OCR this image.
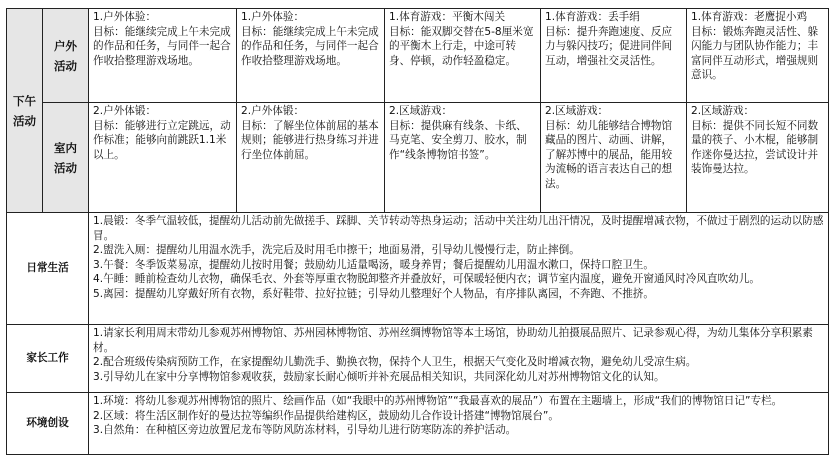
下午活动	户外活动	1.户外体验：
目标：能继续完成上午未完成的作品和任务，与同伴一起合作收拾整理游戏场地。	1.户外体验：
目标：能继续完成上午未完成的作品和任务，与同伴一起合作收拾整理游戏场地。	1.体育游戏：平衡木闯关
目标：能双脚交替在5-8厘米宽的平衡木上行走，中途可转身、停顿，动作轻盈稳定。	1.体育游戏：丢手绢
目标：提升奔跑速度、反应力与躲闪技巧；促进同伴间互动，增强社交灵活性。	1.体育游戏：老鹰捉小鸡
目标：锻炼奔跑灵活性、躲闪能力与团队协作能力；丰富同伴互动形式，增强规则意识。

	室内活动	2.户外体锻：
目标：能够进行立定跳远，动作标准；能够向前跳跃1.1米以上。	2.户外体锻：
目标：了解坐位体前屈的基本规则；能够进行热身练习并进行坐位体前屈。	2.区域游戏：
目标：提供麻有线条、卡纸、马克笔、安全剪刀、胶水，制作“线条博物馆书签”。	2.区域游戏：
目标：幼儿能够结合博物馆藏品的图片、动画、讲解，了解苏博中的展品，能用较为流畅的语言表达自己的想法。	2.区域游戏：
目标：提供不同长短不同数量的筷子、小木棍，能够制作迷你曼达拉，尝试设计并装饰曼达拉。

日常生活		1.晨锻：冬季气温较低，提醒幼儿活动前先做搓手、踩脚、关节转动等热身运动；活动中关注幼儿出汗情况，及时提醒增减衣物，不做过于剧烈的运动以防感冒。
2.盥洗入厕：提醒幼儿用温水洗手，洗完后及时用毛巾擦干；地面易滑，引导幼儿慢慢行走，防止摔倒。
3.午餐：冬季饭菜易凉，提醒幼儿按时用餐；鼓励幼儿适量喝汤，暖身养胃；餐后提醒幼儿用温水漱口，保持口腔卫生。
4.午睡：睡前检查幼儿衣物，确保毛衣、外套等厚重衣物脱卸整齐并叠放好，可保暖轻便内衣；调节室内温度，避免开窗通风时冷风直吹幼儿。
5.离园：提醒幼儿穿戴好所有衣物，系好鞋带、拉好拉链；引导幼儿整理好个人物品，有序排队离园，不奔跑、不推挤。				

家长工作		1.请家长利用周末带幼儿参观苏州博物馆、苏州园林博物馆、苏州丝绸博物馆等本土场馆，协助幼儿拍摄展品照片、记录参观心得，为幼儿集体分享积累素材。
2.配合班级传染病预防工作，在家提醒幼儿勤洗手、勤换衣物，保持个人卫生，根据天气变化及时增减衣物，避免幼儿受凉生病。
3.引导幼儿在家中分享博物馆参观收获，鼓励家长耐心倾听并补充展品相关知识，共同深化幼儿对苏州博物馆文化的认知。				

环境创设		1.环境：将幼儿参观苏州博物馆的照片、绘画作品（如“我眼中的苏州博物馆”“我最喜欢的展品”）布置在主题墙上，形成“我们的博物馆日记”专栏。
2.区域：将生活区制作好的曼达拉等编织作品提供给建构区，鼓励幼儿合作设计搭建“博物馆展台”。
3.自然角：在种植区旁边放置尼龙布等防风防冻材料，引导幼儿进行防寒防冻的养护活动。				
